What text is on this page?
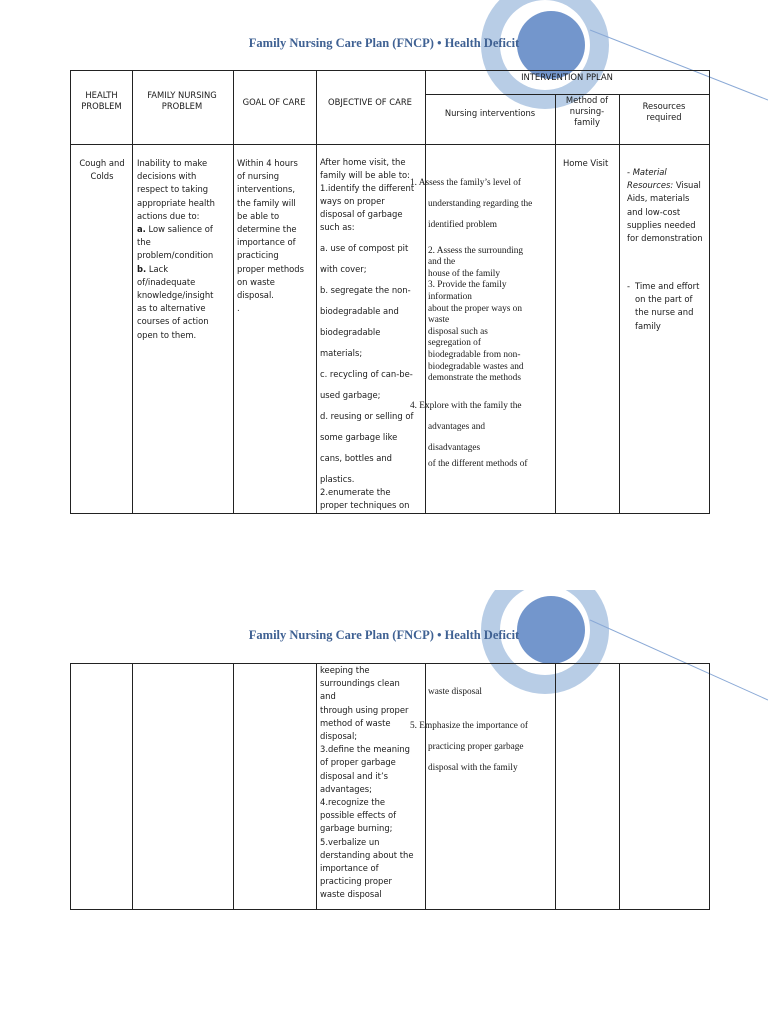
Family Nursing Care Plan (FNCP) • Health Deficit
HEALTH PROBLEM
FAMILY NURSING PROBLEM	GOAL OF CARE	OBJECTIVE OF CARE
INTERVENTION PPLAN
Nursing interventions
Method of nursing-family
Resources required
Cough and Colds
Inability to make decisions with respect to taking appropriate health actions due to:
a. Low salience of the problem/condition
b. Lack of/inadequate knowledge/insight as to alternative courses of action open to them.
Within 4 hours of nursing interventions, the family will be able to determine the importance of practicing proper methods on waste disposal.
.
After home visit, the
family will be able to:
1.identify the different
ways on proper
disposal of garbage
such as:
a. use of compost pit
with cover;
b. segregate the non-
biodegradable and
biodegradable
materials;
c. recycling of can-be-
used garbage;
d. reusing or selling of
some garbage like
cans, bottles and
plastics.
2.enumerate the
proper techniques on
1. Assess the family’s level of
understanding regarding the
identified problem
2. Assess the surrounding
and the
house of the family
3. Provide the family
information
about the proper ways on
waste
disposal such as
segregation of
biodegradable from non-
biodegradable wastes and
demonstrate the methods
4. Explore with the family the
advantages and
disadvantages
of the different methods of
Home Visit
- Material Resources: Visual Aids, materials and low-cost supplies needed for demonstration
- Time and effort on the part of the nurse and family
Family Nursing Care Plan (FNCP) • Health Deficit
keeping the
surroundings clean
and
through using proper
method of waste
disposal;
3.define the meaning
of proper garbage
disposal and it’s
advantages;
4.recognize the
possible effects of
garbage burning;
5.verbalize un
derstanding about the
importance of
practicing proper
waste disposal
waste disposal
5. Emphasize the importance of
practicing proper garbage
disposal with the family
